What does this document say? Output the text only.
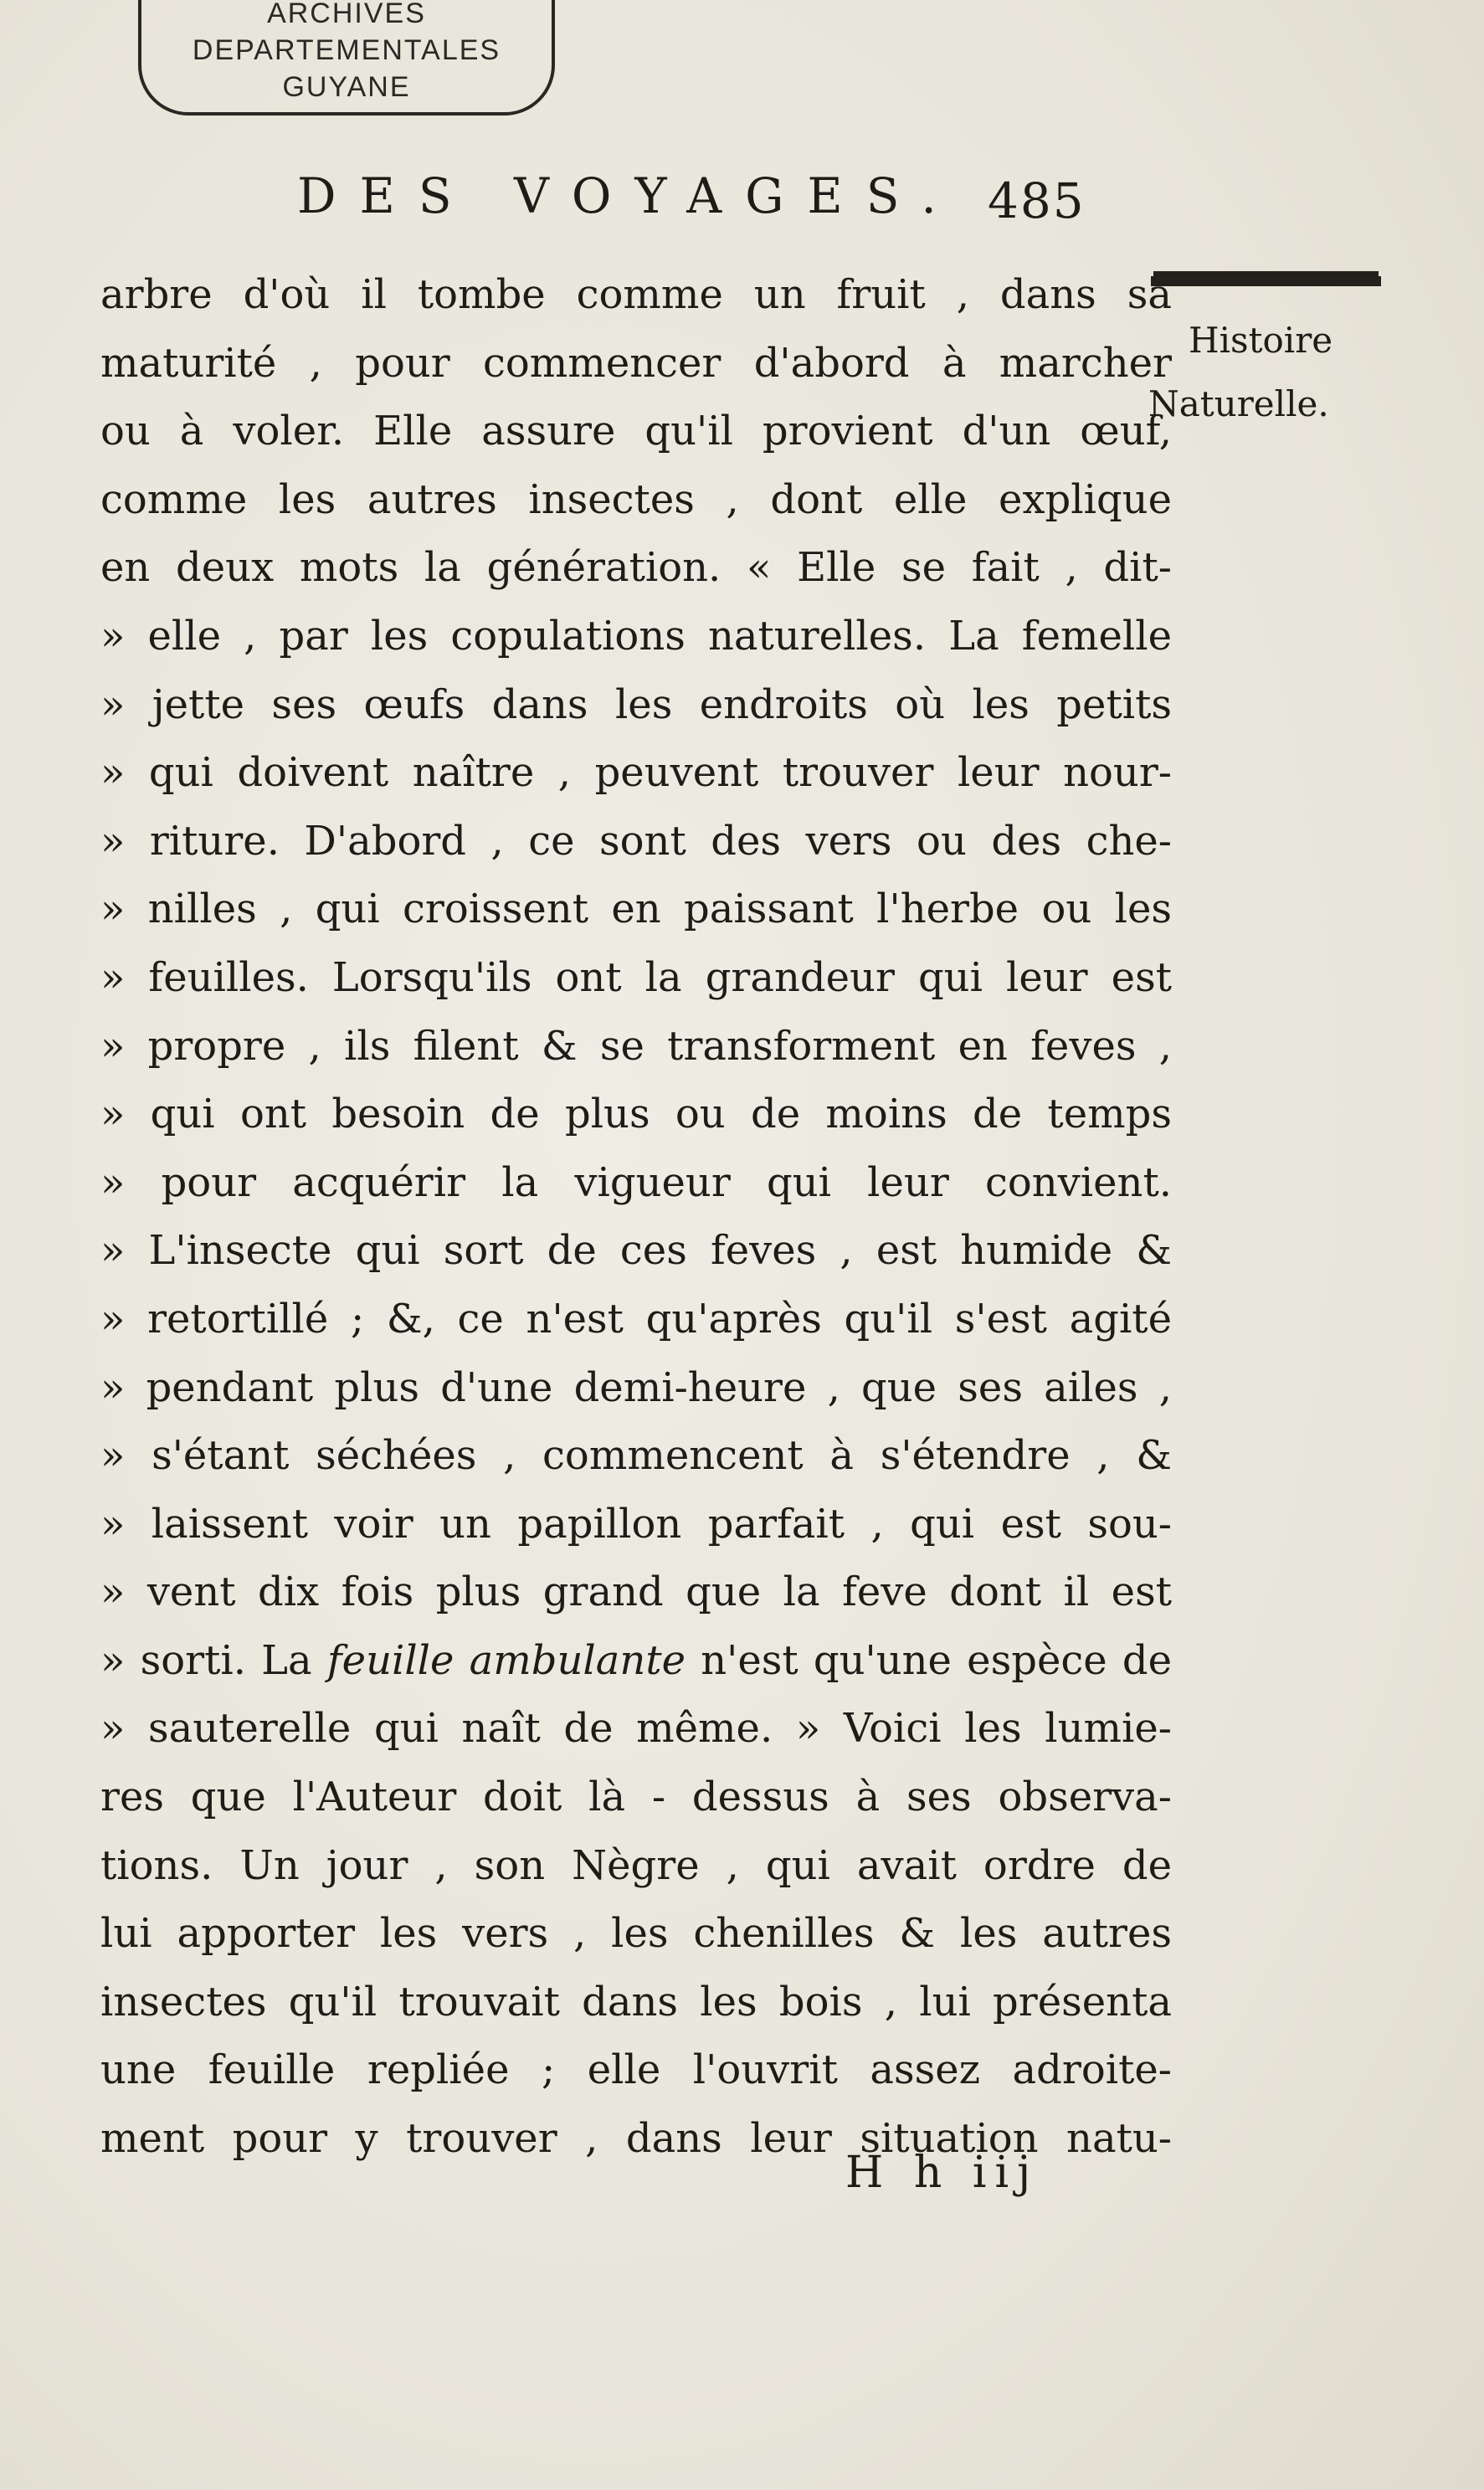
ARCHIVES
DEPARTEMENTALES
GUYANE
DES VOYAGES. 485
Histoire
Naturelle.
arbre d'où il tombe comme un fruit , dans sa
maturité , pour commencer d'abord à marcher
ou à voler. Elle assure qu'il provient d'un œuf,
comme les autres insectes , dont elle explique
en deux mots la génération. « Elle se fait , dit-
» elle , par les copulations naturelles. La femelle
» jette ses œufs dans les endroits où les petits
» qui doivent naître , peuvent trouver leur nour-
» riture. D'abord , ce sont des vers ou des che-
» nilles , qui croissent en paissant l'herbe ou les
» feuilles. Lorsqu'ils ont la grandeur qui leur est
» propre , ils filent & se transforment en feves ,
» qui ont besoin de plus ou de moins de temps
» pour acquérir la vigueur qui leur convient.
» L'insecte qui sort de ces feves , est humide &
» retortillé ; &, ce n'est qu'après qu'il s'est agité
» pendant plus d'une demi-heure , que ses ailes ,
» s'étant séchées , commencent à s'étendre , &
» laissent voir un papillon parfait , qui est sou-
» vent dix fois plus grand que la feve dont il est
» sorti. La feuille ambulante n'est qu'une espèce de
» sauterelle qui naît de même. » Voici les lumie-
res que l'Auteur doit là - dessus à ses observa-
tions. Un jour , son Nègre , qui avait ordre de
lui apporter les vers , les chenilles & les autres
insectes qu'il trouvait dans les bois , lui présenta
une feuille repliée ; elle l'ouvrit assez adroite-
ment pour y trouver , dans leur situation natu-
H h iij
